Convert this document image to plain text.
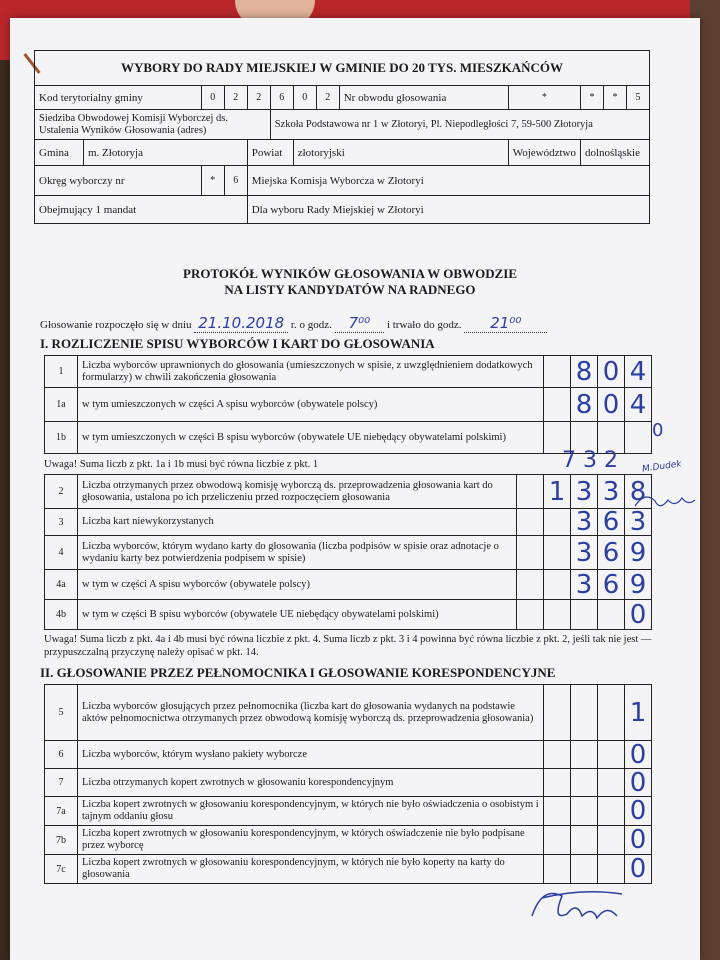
WYBORY DO RADY MIEJSKIEJ W GMINIE DO 20 TYS. MIESZKAŃCÓW												
Kod terytorialny gminy		0	2	2	6	0	2	Nr obwodu głosowania	*	*	*	5
Siedziba Obwodowej Komisji Wyborczej ds. Ustalenia Wyników Głosowania (adres)					Szkoła Podstawowa nr 1 w Złotoryi, Pl. Niepodległości 7, 59-500 Złotoryja							
Gmina	m. Złotoryja			Powiat		złotoryjski			Województwo	dolnośląskie		
Okręg wyborczy nr		*	6	Miejska Komisja Wyborcza w Złotoryi								
Obejmujący 1 mandat				Dla wyboru Rady Miejskiej w Złotoryi								
PROTOKÓŁ WYNIKÓW GŁOSOWANIA W OBWODZIE
NA LISTY KANDYDATÓW NA RADNEGO
Głosowanie rozpoczęło się w dniu 21.10.2018 r. o godz. 7⁰⁰ i trwało do godz. 21⁰⁰
I. ROZLICZENIE SPISU WYBORCÓW I KART DO GŁOSOWANIA
1	Liczba wyborców uprawnionych do głosowania (umieszczonych w spisie, z uwzględnieniem dodatkowych formularzy) w chwili zakończenia głosowania		8	0	4
1a	w tym umieszczonych w części A spisu wyborców (obywatele polscy)		8	0	4
1b	w tym umieszczonych w części B spisu wyborców (obywatele UE niebędący obywatelami polskimi)					0
Uwaga! Suma liczb z pkt. 1a i 1b musi być równa liczbie z pkt. 1	7 3 2
2	Liczba otrzymanych przez obwodową komisję wyborczą ds. przeprowadzenia głosowania kart do głosowania, ustalona po ich przeliczeniu przed rozpoczęciem głosowania		1	3	3	8
3	Liczba kart niewykorzystanych			3	6	3
4	Liczba wyborców, którym wydano karty do głosowania (liczba podpisów w spisie oraz adnotacje o wydaniu karty bez potwierdzenia podpisem w spisie)			3	6	9
4a	w tym w części A spisu wyborców (obywatele polscy)			3	6	9
4b	w tym w części B spisu wyborców (obywatele UE niebędący obywatelami polskimi)					0
M.Dudek
Uwaga! Suma liczb z pkt. 4a i 4b musi być równa liczbie z pkt. 4. Suma liczb z pkt. 3 i 4 powinna być równa liczbie z pkt. 2, jeśli tak nie jest — przypuszczalną przyczynę należy opisać w pkt. 14.
II. GŁOSOWANIE PRZEZ PEŁNOMOCNIKA I GŁOSOWANIE KORESPONDENCYJNE
5	Liczba wyborców głosujących przez pełnomocnika (liczba kart do głosowania wydanych na podstawie aktów pełnomocnictwa otrzymanych przez obwodową komisję wyborczą ds. przeprowadzenia głosowania)				1
6	Liczba wyborców, którym wysłano pakiety wyborcze				0
7	Liczba otrzymanych kopert zwrotnych w głosowaniu korespondencyjnym				0
7a	Liczba kopert zwrotnych w głosowaniu korespondencyjnym, w których nie było oświadczenia o osobistym i tajnym oddaniu głosu				0
7b	Liczba kopert zwrotnych w głosowaniu korespondencyjnym, w których oświadczenie nie było podpisane przez wyborcę				0
7c	Liczba kopert zwrotnych w głosowaniu korespondencyjnym, w których nie było koperty na karty do głosowania				0
